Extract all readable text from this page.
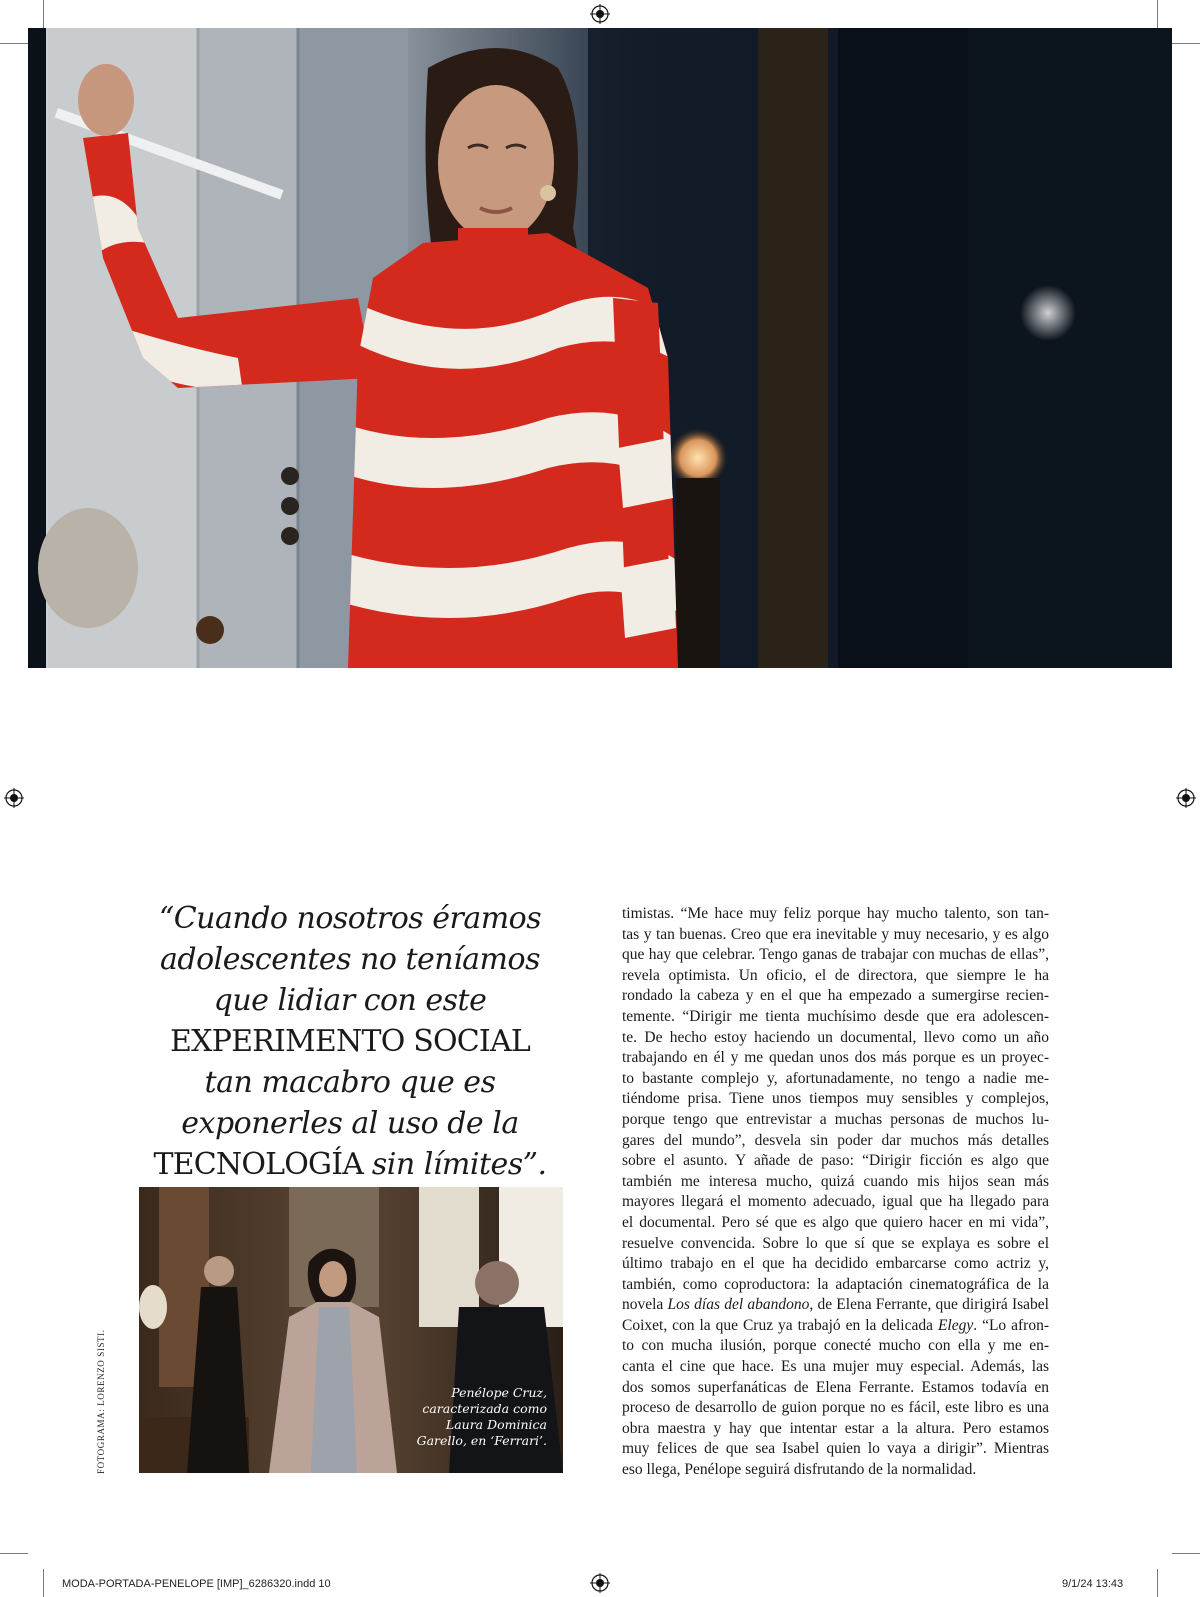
“Cuando nosotros éramos
adolescentes no teníamos
que lidiar con este
EXPERIMENTO SOCIAL
tan macabro que es
exponerles al uso de la
TECNOLOGÍA sin límites”.
Penélope Cruz,
caracterizada como
Laura Dominica
Garello, en ‘Ferrari’.
FOTOGRAMA: LORENZO SISTI.
timistas. “Me hace muy feliz porque hay mucho talento, son tan-
tas y tan buenas. Creo que era inevitable y muy necesario, y es algo
que hay que celebrar. Tengo ganas de trabajar con muchas de ellas”,
revela optimista. Un oficio, el de directora, que siempre le ha
rondado la cabeza y en el que ha empezado a sumergirse recien-
temente. “Dirigir me tienta muchísimo desde que era adolescen-
te. De hecho estoy haciendo un documental, llevo como un año
trabajando en él y me quedan unos dos más porque es un proyec-
to bastante complejo y, afortunadamente, no tengo a nadie me-
tiéndome prisa. Tiene unos tiempos muy sensibles y complejos,
porque tengo que entrevistar a muchas personas de muchos lu-
gares del mundo”, desvela sin poder dar muchos más detalles
sobre el asunto. Y añade de paso: “Dirigir ficción es algo que
también me interesa mucho, quizá cuando mis hijos sean más
mayores llegará el momento adecuado, igual que ha llegado para
el documental. Pero sé que es algo que quiero hacer en mi vida”,
resuelve convencida. Sobre lo que sí que se explaya es sobre el
último trabajo en el que ha decidido embarcarse como actriz y,
también, como coproductora: la adaptación cinematográfica de la
novela Los días del abandono, de Elena Ferrante, que dirigirá Isabel
Coixet, con la que Cruz ya trabajó en la delicada Elegy. “Lo afron-
to con mucha ilusión, porque conecté mucho con ella y me en-
canta el cine que hace. Es una mujer muy especial. Además, las
dos somos superfanáticas de Elena Ferrante. Estamos todavía en
proceso de desarrollo de guion porque no es fácil, este libro es una
obra maestra y hay que intentar estar a la altura. Pero estamos
muy felices de que sea Isabel quien lo vaya a dirigir”. Mientras
eso llega, Penélope seguirá disfrutando de la normalidad.
MODA-PORTADA-PENELOPE [IMP]_6286320.indd 10	9/1/24 13:43
